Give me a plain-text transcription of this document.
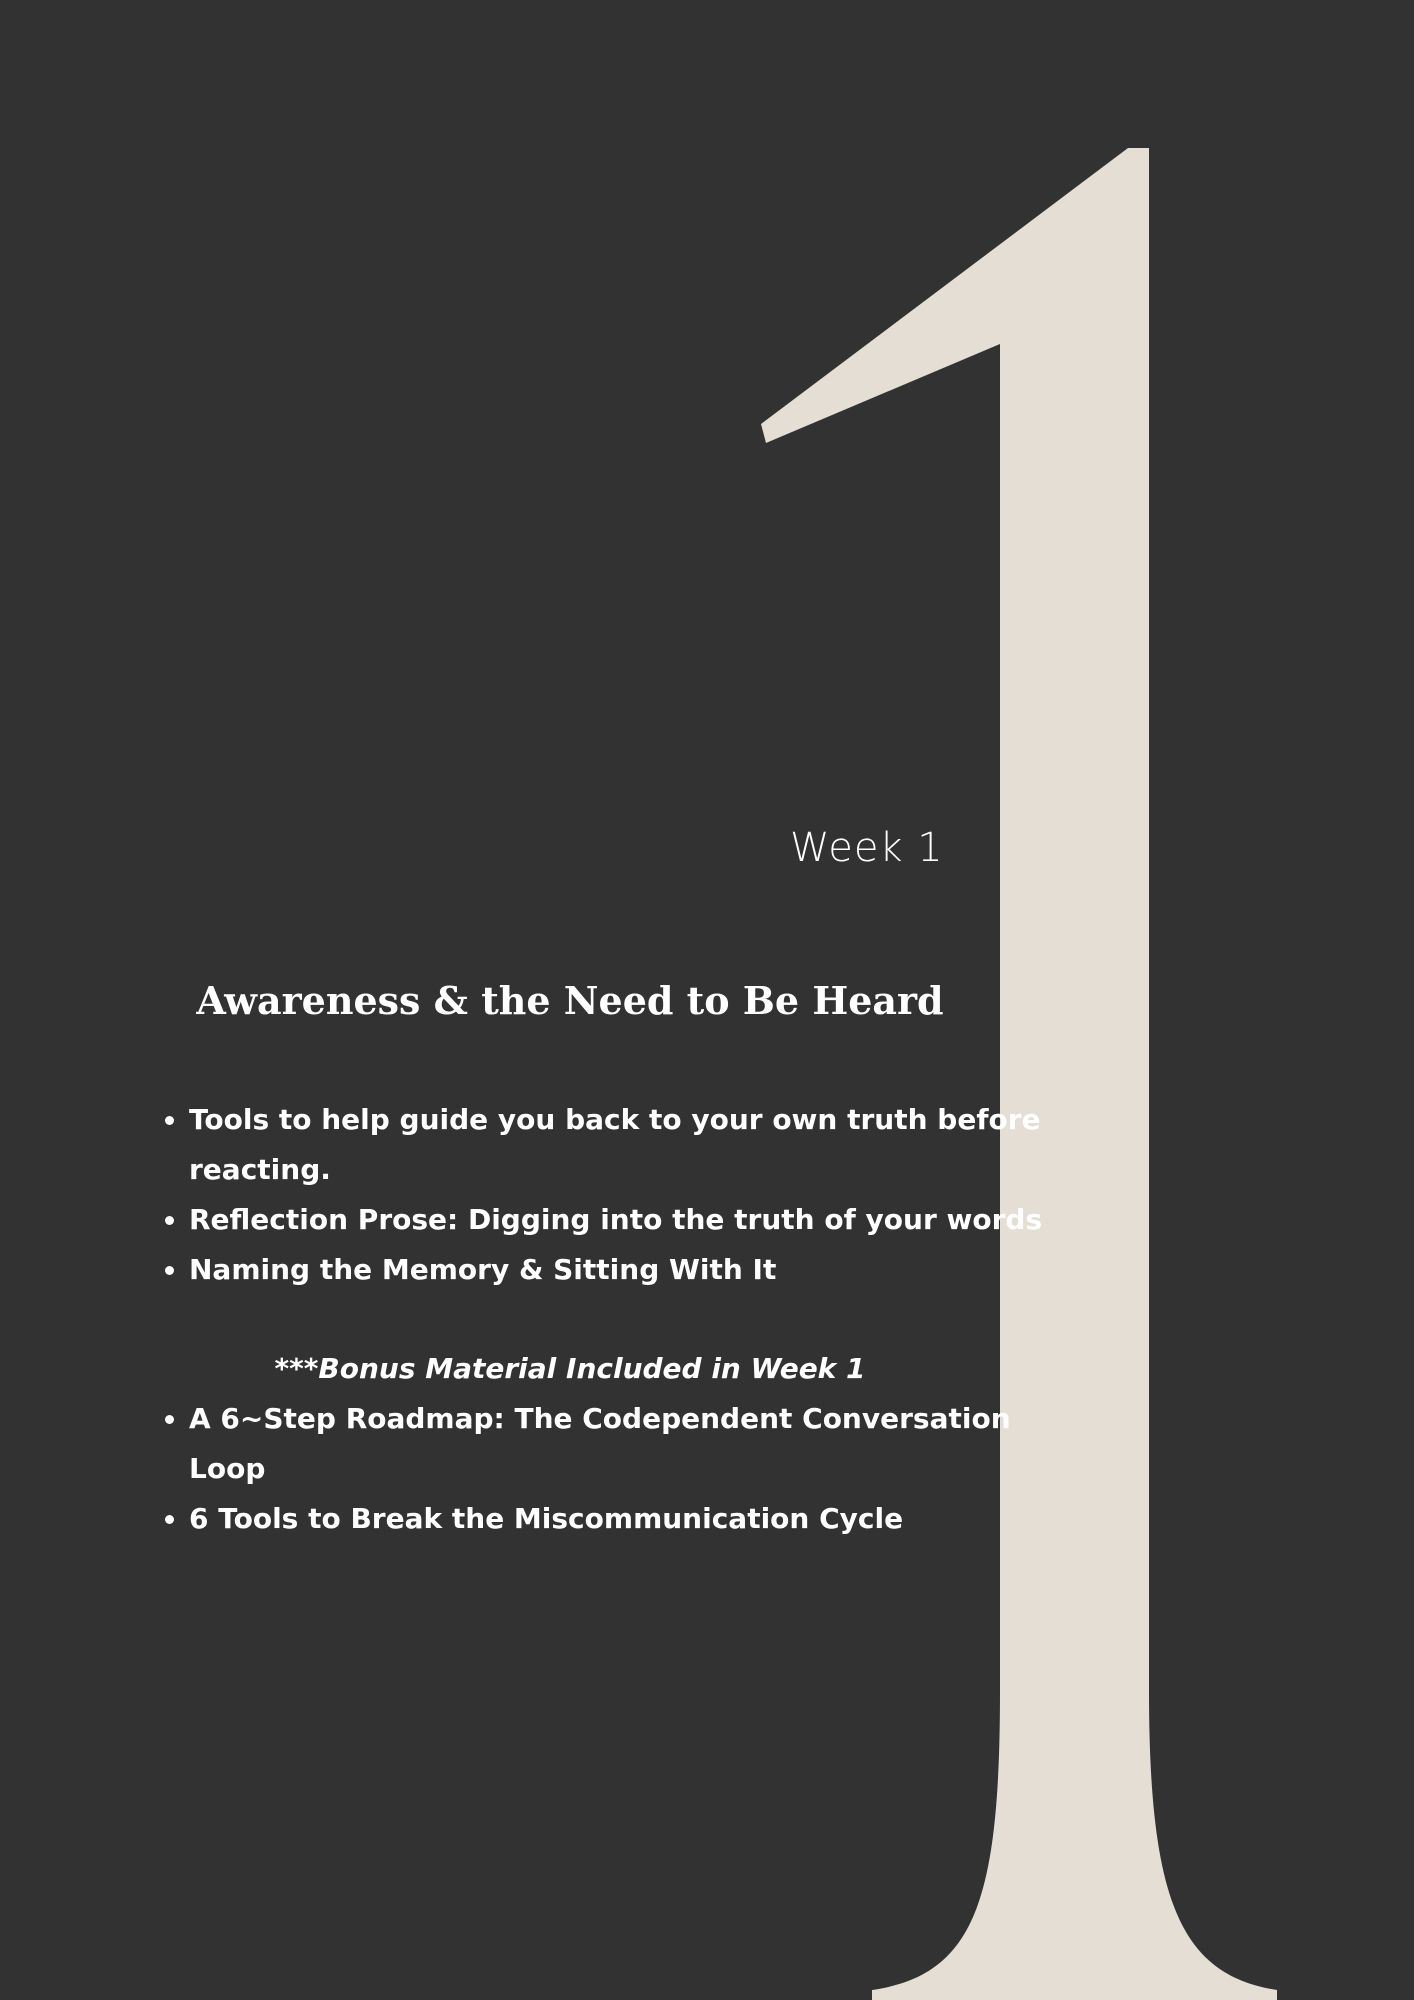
Week 1
Awareness & the Need to Be Heard
• Tools to help guide you back to your own truth before reacting.
• Reflection Prose: Digging into the truth of your words
• Naming the Memory & Sitting With It
***Bonus Material Included in Week 1
• A 6~Step Roadmap: The Codependent Conversation Loop
• 6 Tools to Break the Miscommunication Cycle
